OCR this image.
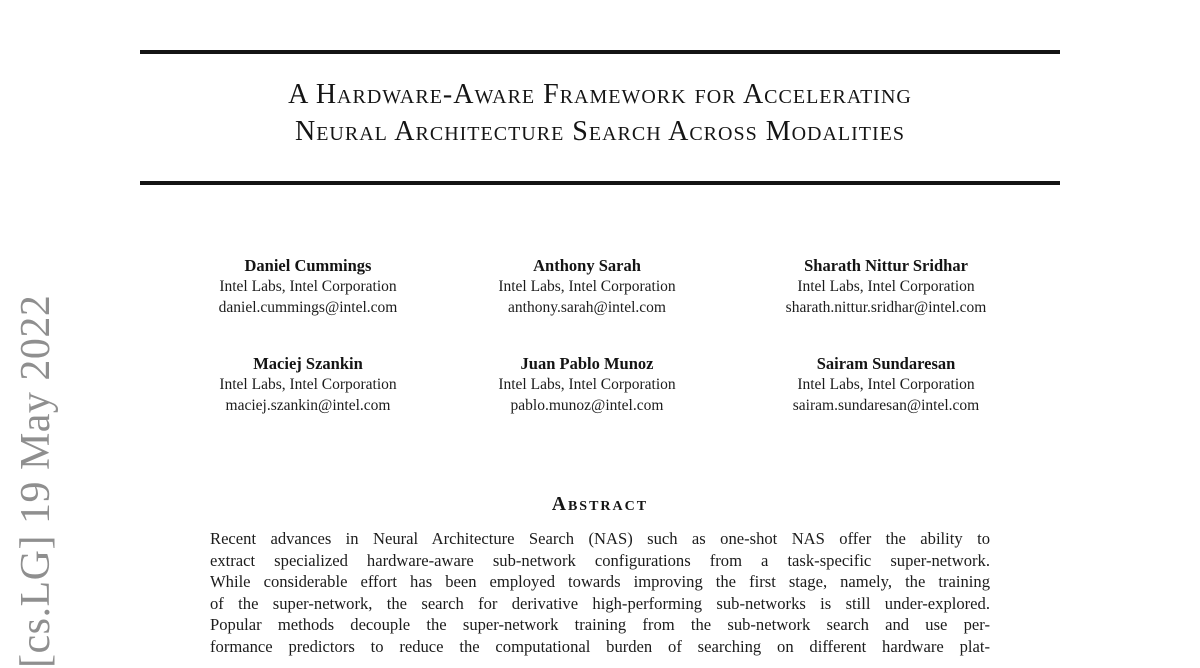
[cs.LG] 19 May 2022
A Hardware-Aware Framework for Accelerating
Neural Architecture Search Across Modalities
Daniel Cummings
Intel Labs, Intel Corporation
daniel.cummings@intel.com
Anthony Sarah
Intel Labs, Intel Corporation
anthony.sarah@intel.com
Sharath Nittur Sridhar
Intel Labs, Intel Corporation
sharath.nittur.sridhar@intel.com
Maciej Szankin
Intel Labs, Intel Corporation
maciej.szankin@intel.com
Juan Pablo Munoz
Intel Labs, Intel Corporation
pablo.munoz@intel.com
Sairam Sundaresan
Intel Labs, Intel Corporation
sairam.sundaresan@intel.com
Abstract
Recent advances in Neural Architecture Search (NAS) such as one-shot NAS offer the ability to
extract specialized hardware-aware sub-network configurations from a task-specific super-network.
While considerable effort has been employed towards improving the first stage, namely, the training
of the super-network, the search for derivative high-performing sub-networks is still under-explored.
Popular methods decouple the super-network training from the sub-network search and use per-
formance predictors to reduce the computational burden of searching on different hardware plat-
